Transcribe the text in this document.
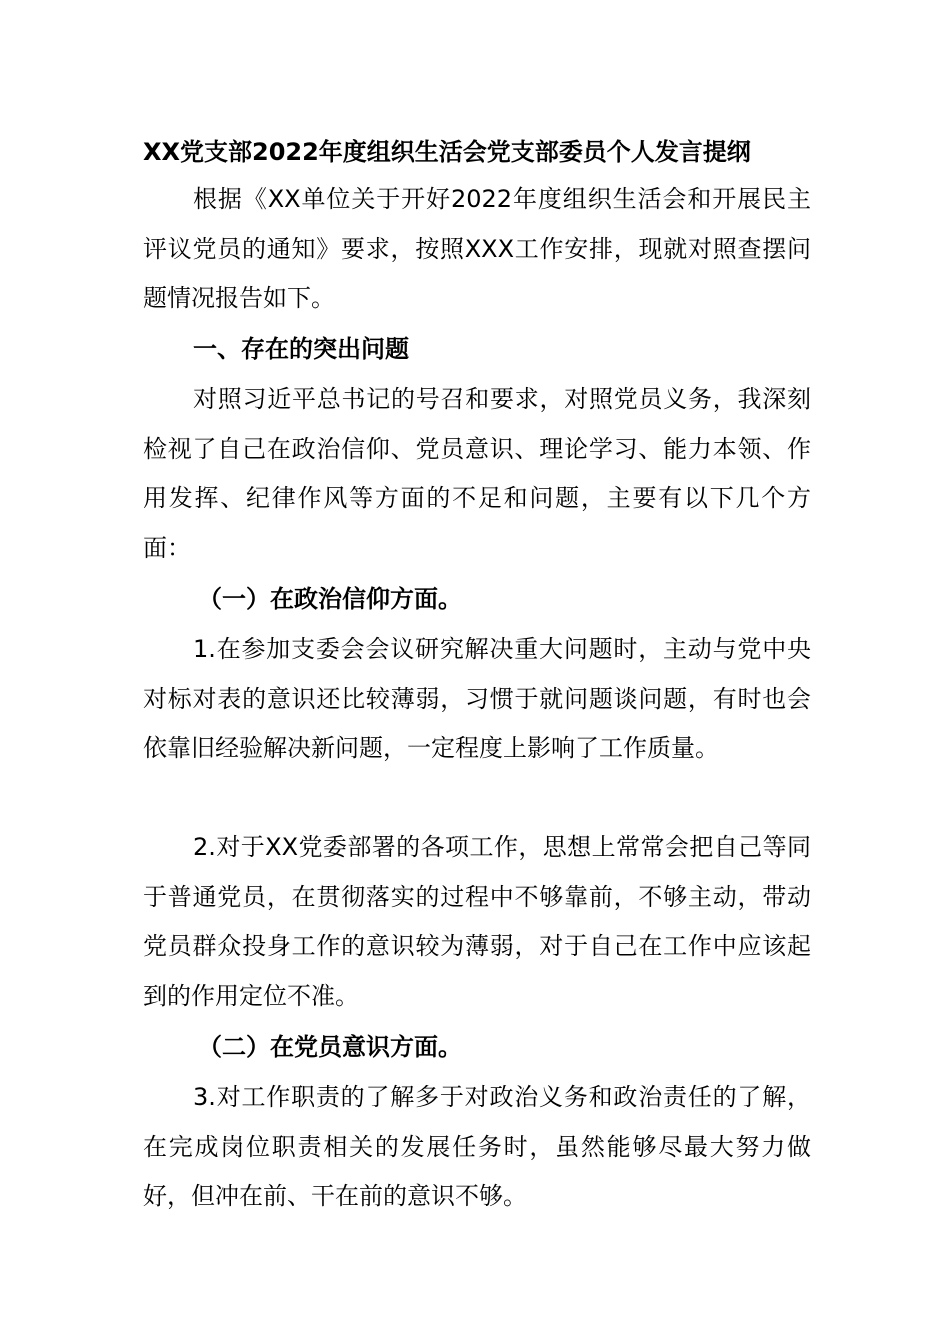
XX党支部2022年度组织生活会党支部委员个人发言提纲
根据《XX单位关于开好2022年度组织生活会和开展民主评议党员的通知》要求，按照XXX工作安排，现就对照查摆问题情况报告如下。
一、存在的突出问题
对照习近平总书记的号召和要求，对照党员义务，我深刻检视了自己在政治信仰、党员意识、理论学习、能力本领、作用发挥、纪律作风等方面的不足和问题，主要有以下几个方面：
（一）在政治信仰方面。
1.在参加支委会会议研究解决重大问题时，主动与党中央对标对表的意识还比较薄弱，习惯于就问题谈问题，有时也会依靠旧经验解决新问题，一定程度上影响了工作质量。
2.对于XX党委部署的各项工作，思想上常常会把自己等同于普通党员，在贯彻落实的过程中不够靠前，不够主动，带动党员群众投身工作的意识较为薄弱，对于自己在工作中应该起到的作用定位不准。
（二）在党员意识方面。
3.对工作职责的了解多于对政治义务和政治责任的了解，在完成岗位职责相关的发展任务时，虽然能够尽最大努力做好，但冲在前、干在前的意识不够。
